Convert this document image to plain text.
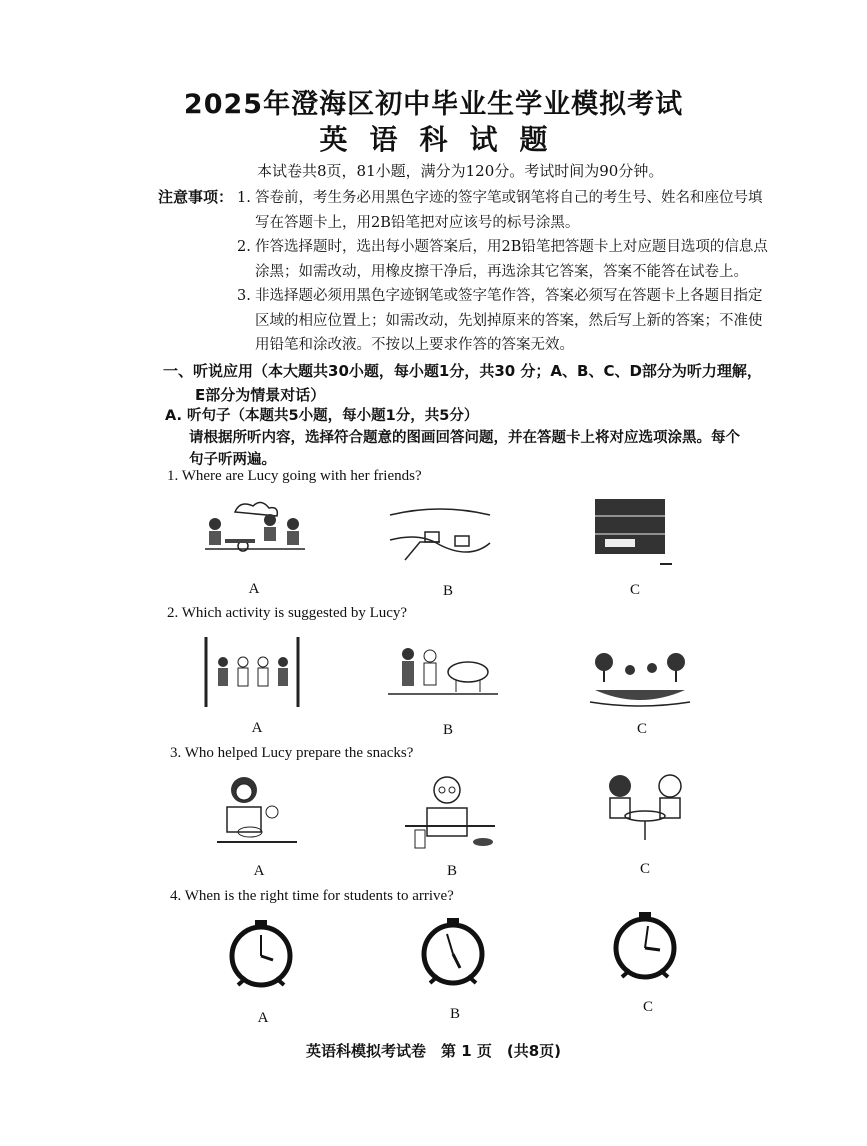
2025年澄海区初中毕业生学业模拟考试
英语科试题
本试卷共8页，81小题，满分为120分。考试时间为90分钟。
注意事项： 1. 答卷前，考生务必用黑色字迹的签字笔或钢笔将自己的考生号、姓名和座位号填
写在答题卡上，用2B铅笔把对应该号的标号涂黑。
2. 作答选择题时，选出每小题答案后，用2B铅笔把答题卡上对应题目选项的信息点
涂黑；如需改动，用橡皮擦干净后，再选涂其它答案，答案不能答在试卷上。
3. 非选择题必须用黑色字迹钢笔或签字笔作答，答案必须写在答题卡上各题目指定
区域的相应位置上；如需改动，先划掉原来的答案，然后写上新的答案；不准使
用铅笔和涂改液。不按以上要求作答的答案无效。
一、听说应用（本大题共30小题，每小题1分，共30 分；A、B、C、D部分为听力理解，
E部分为情景对话）
A. 听句子（本题共5小题，每小题1分，共5分）
请根据所听内容，选择符合题意的图画回答问题，并在答题卡上将对应选项涂黑。每个
句子听两遍。
1. Where are Lucy going with her friends?
A	B	C
2. Which activity is suggested by Lucy?
A	B	C
3. Who helped Lucy prepare the snacks?
A	B	C
4. When is the right time for students to arrive?
A	B	C
英语科模拟考试卷　第 1 页　(共8页)
